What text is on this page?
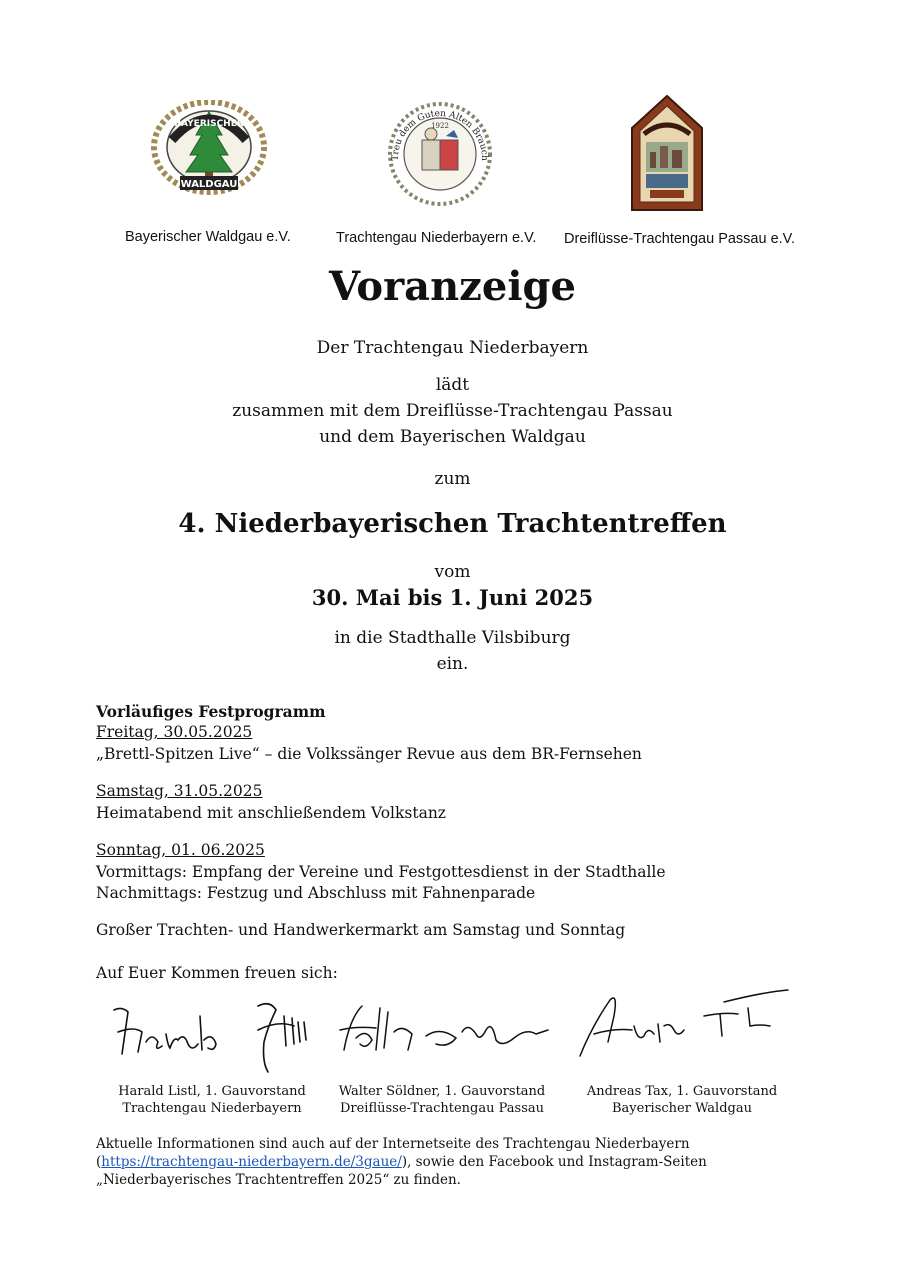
BAYERISCHER
WALDGAU
1922
Treu dem Guten Alten Brauch
Bayerischer Waldgau e.V.	Trachtengau Niederbayern e.V. Dreiflüsse-Trachtengau Passau e.V.
Voranzeige
Der Trachtengau Niederbayern
lädt
zusammen mit dem Dreiflüsse-Trachtengau Passau
und dem Bayerischen Waldgau
zum
4. Niederbayerischen Trachtentreffen
vom
30. Mai bis 1. Juni 2025
in die Stadthalle Vilsbiburg
ein.
Vorläufiges Festprogramm
Freitag, 30.05.2025
„Brettl-Spitzen Live“ – die Volkssänger Revue aus dem BR-Fernsehen
Samstag, 31.05.2025
Heimatabend mit anschließendem Volkstanz
Sonntag, 01. 06.2025
Vormittags: Empfang der Vereine und Festgottesdienst in der Stadthalle
Nachmittags: Festzug und Abschluss mit Fahnenparade
Großer Trachten- und Handwerkermarkt am Samstag und Sonntag
Auf Euer Kommen freuen sich:
Harald Listl, 1. Gauvorstand
Trachtengau Niederbayern
Walter Söldner, 1. Gauvorstand
Dreiflüsse-Trachtengau Passau
Andreas Tax, 1. Gauvorstand
Bayerischer Waldgau
Aktuelle Informationen sind auch auf der Internetseite des Trachtengau Niederbayern
(https://trachtengau-niederbayern.de/3gaue/), sowie den Facebook und Instagram-Seiten
„Niederbayerisches Trachtentreffen 2025“ zu finden.
